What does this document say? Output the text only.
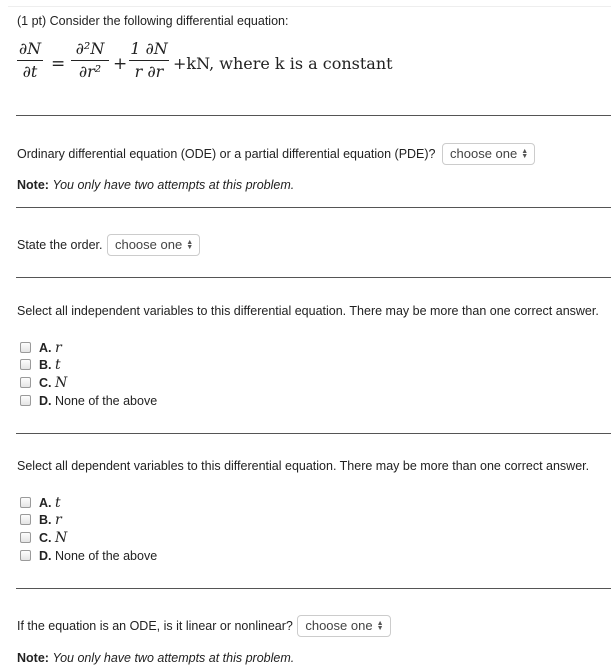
(1 pt) Consider the following differential equation:
∂N
∂t =
∂²N
∂r² +
1 ∂N
r ∂r +kN, where k is a constant
Ordinary differential equation (ODE) or a partial differential equation (PDE)? choose one ▲
▼
Note: You only have two attempts at this problem.
State the order. choose one ▲
▼
Select all independent variables to this differential equation. There may be more than one correct answer.
A. r
B. t
C. N
D. None of the above
Select all dependent variables to this differential equation. There may be more than one correct answer.
A. t
B. r
C. N
D. None of the above
If the equation is an ODE, is it linear or nonlinear? choose one ▲
▼
Note: You only have two attempts at this problem.
